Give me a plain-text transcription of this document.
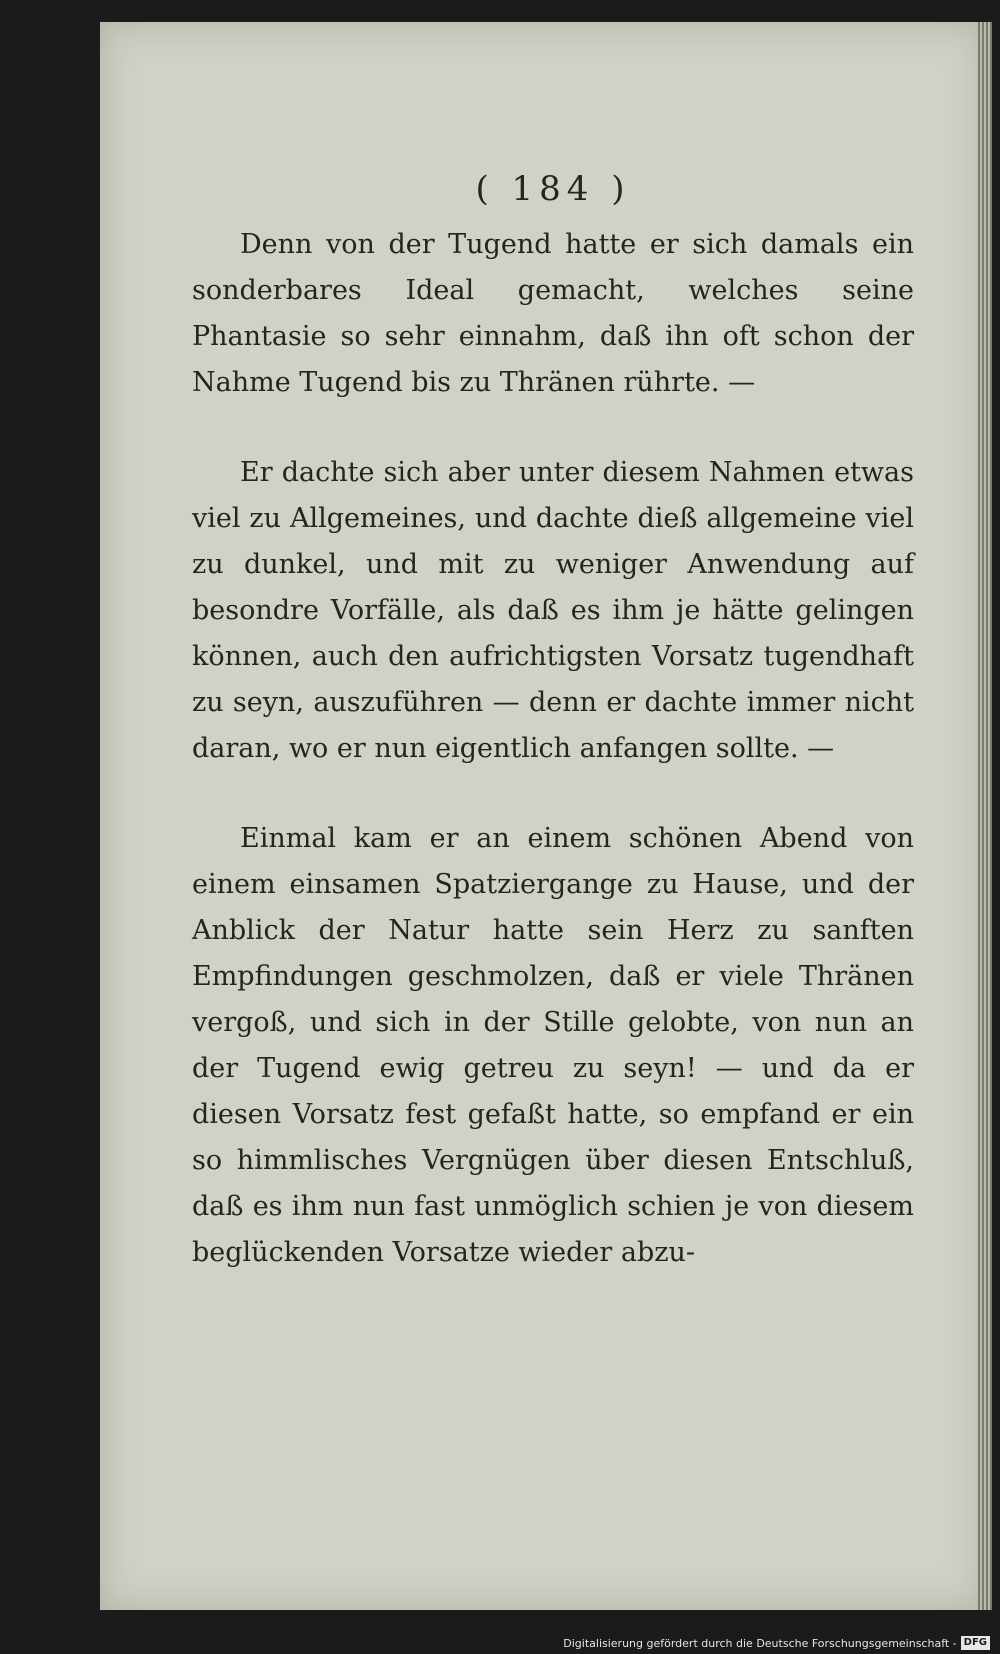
( 184 )

Denn von der Tugend hatte er sich damals ein sonderbares Ideal gemacht, welches seine Phantasie so sehr einnahm, daß ihn oft schon der Nahme Tugend bis zu Thränen rührte. —

Er dachte sich aber unter diesem Nahmen etwas viel zu Allgemeines, und dachte dieß allgemeine viel zu dunkel, und mit zu weniger Anwendung auf besondre Vorfälle, als daß es ihm je hätte gelingen können, auch den aufrichtigsten Vorsatz tugendhaft zu seyn, auszuführen — denn er dachte immer nicht daran, wo er nun eigentlich anfangen sollte. —

Einmal kam er an einem schönen Abend von einem einsamen Spatziergange zu Hause, und der Anblick der Natur hatte sein Herz zu sanften Empfindungen geschmolzen, daß er viele Thränen vergoß, und sich in der Stille gelobte, von nun an der Tugend ewig getreu zu seyn! — und da er diesen Vorsatz fest gefaßt hatte, so empfand er ein so himmlisches Vergnügen über diesen Entschluß, daß es ihm nun fast unmöglich schien je von diesem beglückenden Vorsatze wieder abzu-

Digitalisierung gefördert durch die Deutsche Forschungsgemeinschaft - DFG
